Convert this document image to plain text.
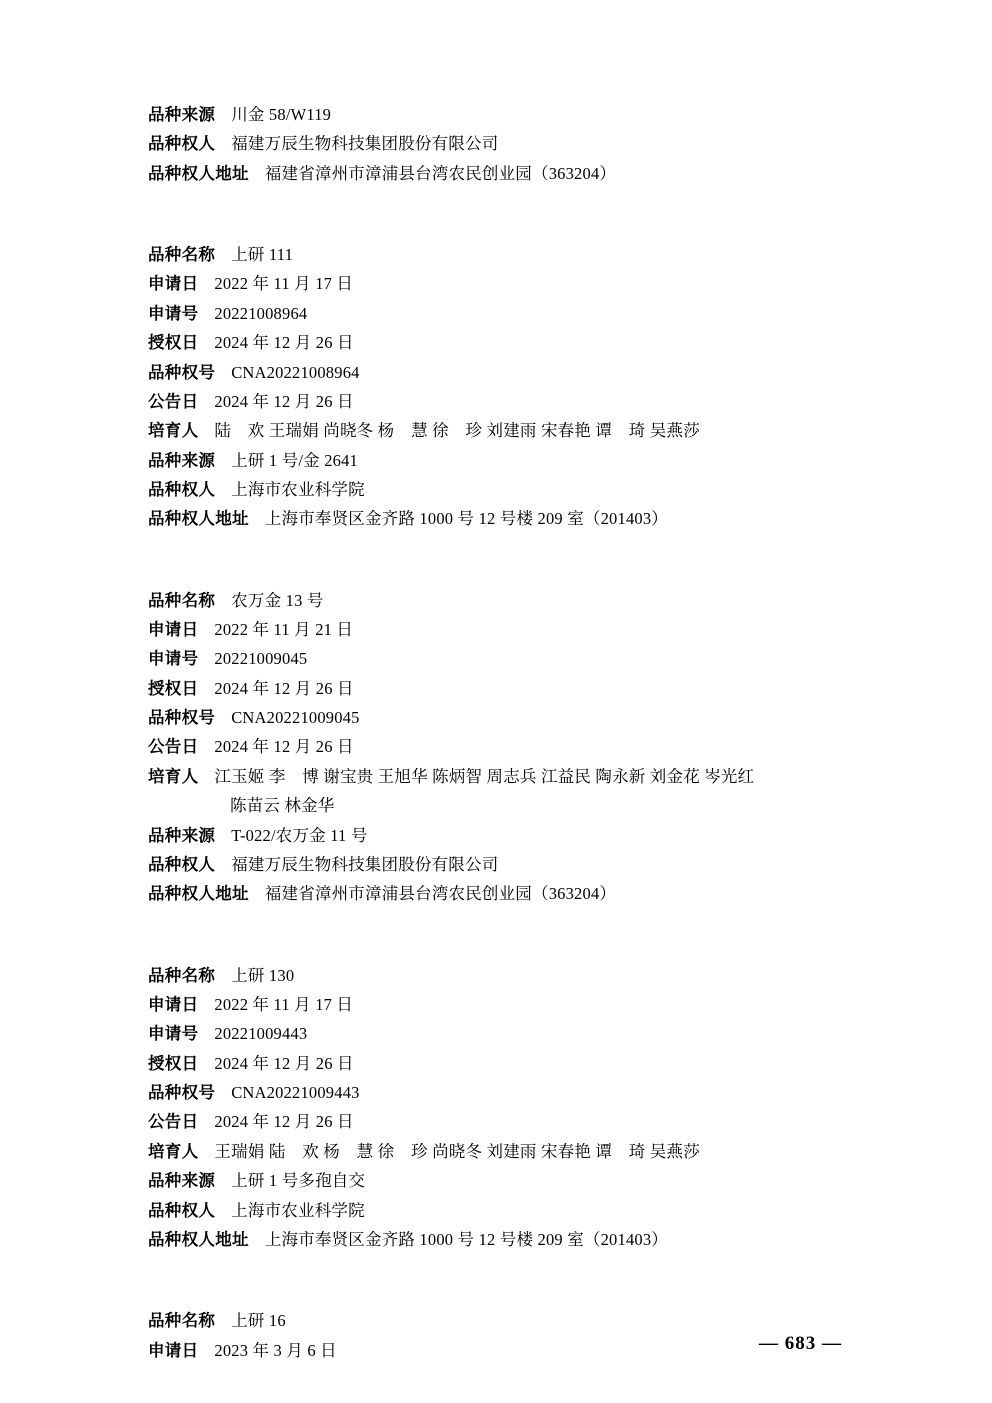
品种来源 川金 58/W119
品种权人 福建万辰生物科技集团股份有限公司
品种权人地址 福建省漳州市漳浦县台湾农民创业园（363204）
品种名称 上研 111
申请日 2022 年 11 月 17 日
申请号 20221008964
授权日 2024 年 12 月 26 日
品种权号 CNA20221008964
公告日 2024 年 12 月 26 日
培育人 陆　欢 王瑞娟 尚晓冬 杨　慧 徐　珍 刘建雨 宋春艳 谭　琦 吴燕莎
品种来源 上研 1 号/金 2641
品种权人 上海市农业科学院
品种权人地址 上海市奉贤区金齐路 1000 号 12 号楼 209 室（201403）
品种名称 农万金 13 号
申请日 2022 年 11 月 21 日
申请号 20221009045
授权日 2024 年 12 月 26 日
品种权号 CNA20221009045
公告日 2024 年 12 月 26 日
培育人 江玉姬 李　博 谢宝贵 王旭华 陈炳智 周志兵 江益民 陶永新 刘金花 岑光红
陈苗云 林金华
品种来源 T-022/农万金 11 号
品种权人 福建万辰生物科技集团股份有限公司
品种权人地址 福建省漳州市漳浦县台湾农民创业园（363204）
品种名称 上研 130
申请日 2022 年 11 月 17 日
申请号 20221009443
授权日 2024 年 12 月 26 日
品种权号 CNA20221009443
公告日 2024 年 12 月 26 日
培育人 王瑞娟 陆　欢 杨　慧 徐　珍 尚晓冬 刘建雨 宋春艳 谭　琦 吴燕莎
品种来源 上研 1 号多孢自交
品种权人 上海市农业科学院
品种权人地址 上海市奉贤区金齐路 1000 号 12 号楼 209 室（201403）
品种名称 上研 16
申请日 2023 年 3 月 6 日	— 683 —
